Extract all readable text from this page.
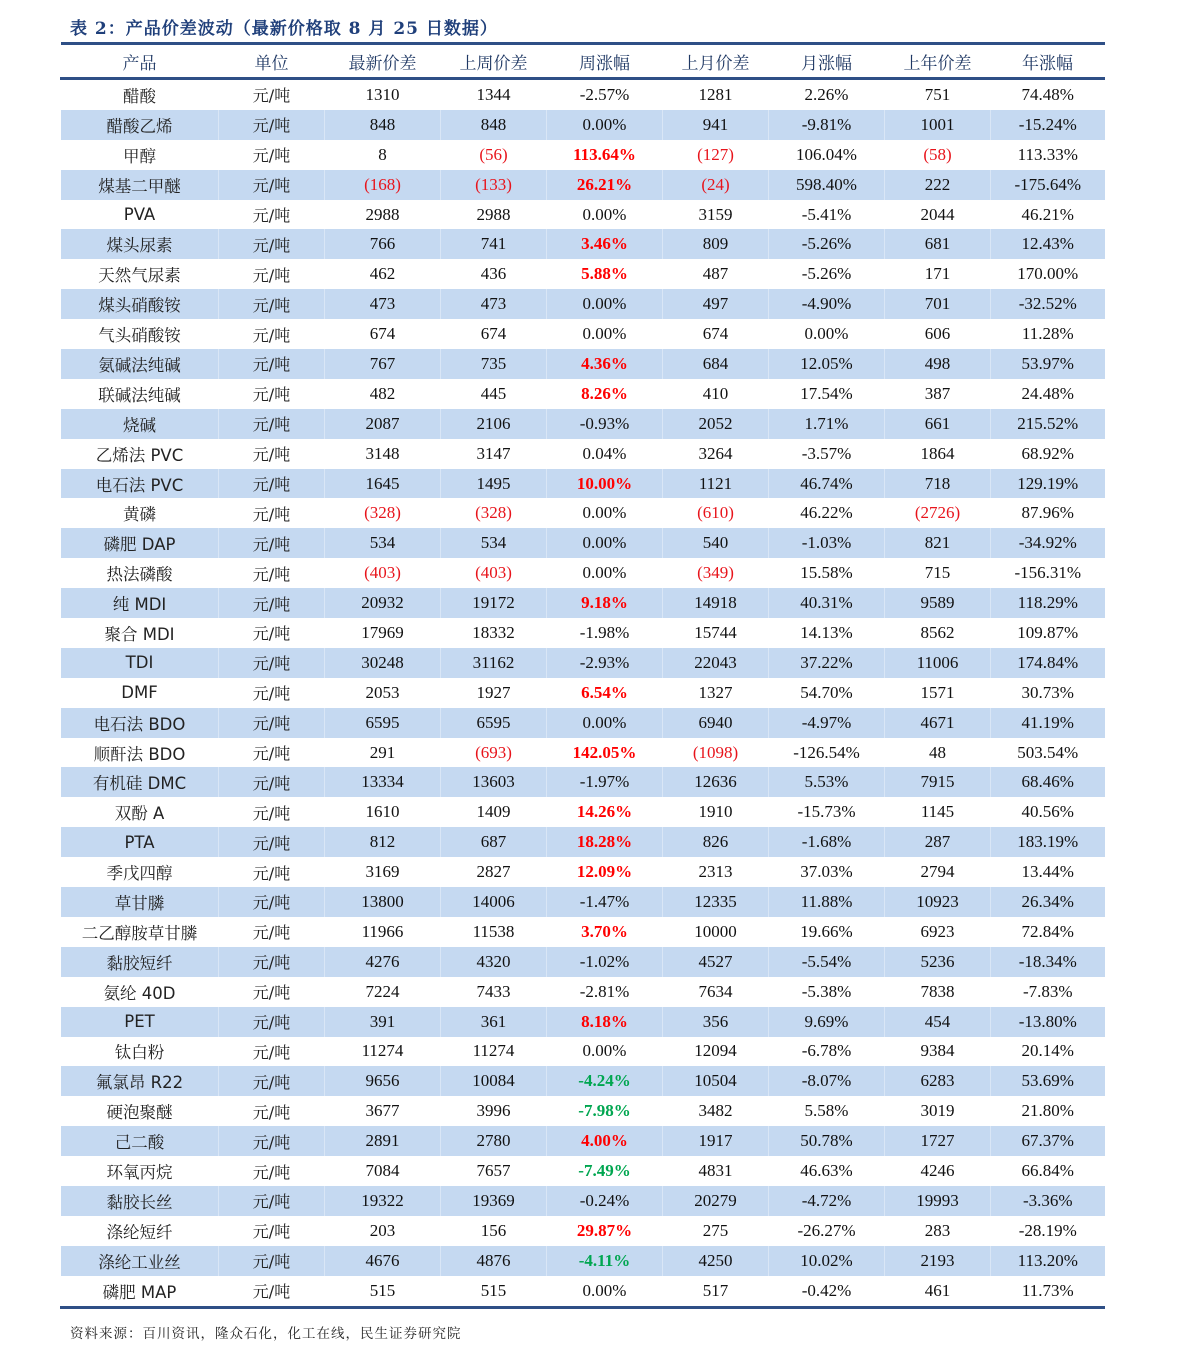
表 2：产品价差波动（最新价格取 8 月 25 日数据）
产品	单位	最新价差	上周价差	周涨幅	上月价差	月涨幅	上年价差	年涨幅
醋酸	元/吨	1310	1344	-2.57%	1281	2.26%	751	74.48%
醋酸乙烯	元/吨	848	848	0.00%	941	-9.81%	1001	-15.24%
甲醇	元/吨	8	(56)	113.64%	(127)	106.04%	(58)	113.33%
煤基二甲醚	元/吨	(168)	(133)	26.21%	(24)	598.40%	222	-175.64%
PVA	元/吨	2988	2988	0.00%	3159	-5.41%	2044	46.21%
煤头尿素	元/吨	766	741	3.46%	809	-5.26%	681	12.43%
天然气尿素	元/吨	462	436	5.88%	487	-5.26%	171	170.00%
煤头硝酸铵	元/吨	473	473	0.00%	497	-4.90%	701	-32.52%
气头硝酸铵	元/吨	674	674	0.00%	674	0.00%	606	11.28%
氨碱法纯碱	元/吨	767	735	4.36%	684	12.05%	498	53.97%
联碱法纯碱	元/吨	482	445	8.26%	410	17.54%	387	24.48%
烧碱	元/吨	2087	2106	-0.93%	2052	1.71%	661	215.52%
乙烯法 PVC	元/吨	3148	3147	0.04%	3264	-3.57%	1864	68.92%
电石法 PVC	元/吨	1645	1495	10.00%	1121	46.74%	718	129.19%
黄磷	元/吨	(328)	(328)	0.00%	(610)	46.22%	(2726)	87.96%
磷肥 DAP	元/吨	534	534	0.00%	540	-1.03%	821	-34.92%
热法磷酸	元/吨	(403)	(403)	0.00%	(349)	15.58%	715	-156.31%
纯 MDI	元/吨	20932	19172	9.18%	14918	40.31%	9589	118.29%
聚合 MDI	元/吨	17969	18332	-1.98%	15744	14.13%	8562	109.87%
TDI	元/吨	30248	31162	-2.93%	22043	37.22%	11006	174.84%
DMF	元/吨	2053	1927	6.54%	1327	54.70%	1571	30.73%
电石法 BDO	元/吨	6595	6595	0.00%	6940	-4.97%	4671	41.19%
顺酐法 BDO	元/吨	291	(693)	142.05%	(1098)	-126.54%	48	503.54%
有机硅 DMC	元/吨	13334	13603	-1.97%	12636	5.53%	7915	68.46%
双酚 A	元/吨	1610	1409	14.26%	1910	-15.73%	1145	40.56%
PTA	元/吨	812	687	18.28%	826	-1.68%	287	183.19%
季戊四醇	元/吨	3169	2827	12.09%	2313	37.03%	2794	13.44%
草甘膦	元/吨	13800	14006	-1.47%	12335	11.88%	10923	26.34%
二乙醇胺草甘膦	元/吨	11966	11538	3.70%	10000	19.66%	6923	72.84%
黏胶短纤	元/吨	4276	4320	-1.02%	4527	-5.54%	5236	-18.34%
氨纶 40D	元/吨	7224	7433	-2.81%	7634	-5.38%	7838	-7.83%
PET	元/吨	391	361	8.18%	356	9.69%	454	-13.80%
钛白粉	元/吨	11274	11274	0.00%	12094	-6.78%	9384	20.14%
氟氯昂 R22	元/吨	9656	10084	-4.24%	10504	-8.07%	6283	53.69%
硬泡聚醚	元/吨	3677	3996	-7.98%	3482	5.58%	3019	21.80%
己二酸	元/吨	2891	2780	4.00%	1917	50.78%	1727	67.37%
环氧丙烷	元/吨	7084	7657	-7.49%	4831	46.63%	4246	66.84%
黏胶长丝	元/吨	19322	19369	-0.24%	20279	-4.72%	19993	-3.36%
涤纶短纤	元/吨	203	156	29.87%	275	-26.27%	283	-28.19%
涤纶工业丝	元/吨	4676	4876	-4.11%	4250	10.02%	2193	113.20%
磷肥 MAP	元/吨	515	515	0.00%	517	-0.42%	461	11.73%
资料来源：百川资讯，隆众石化，化工在线，民生证券研究院
